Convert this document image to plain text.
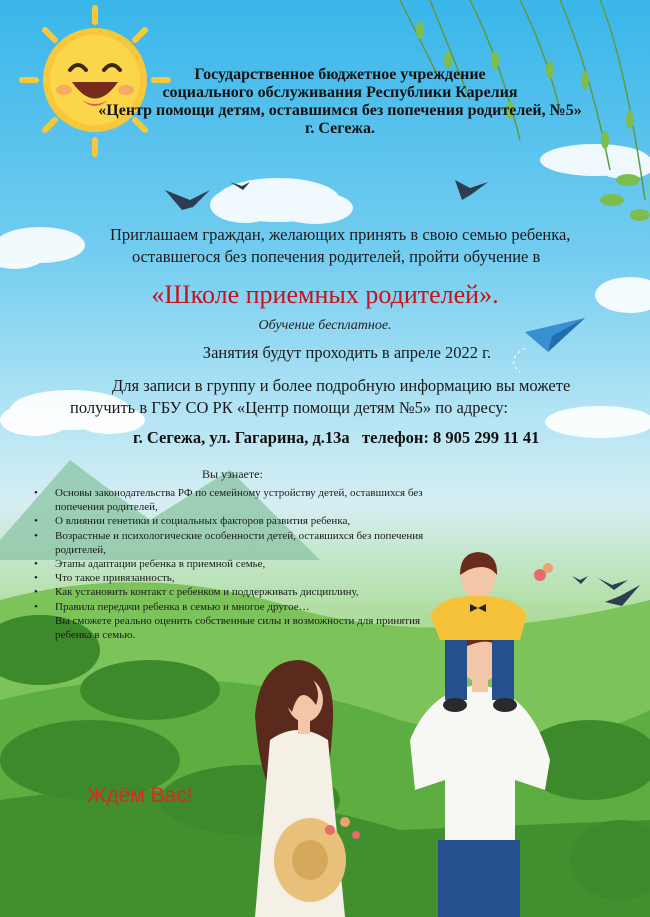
Государственное бюджетное учреждение
социального обслуживания Республики Карелия
«Центр помощи детям, оставшимся без попечения родителей, №5»
г. Сегежа.
Приглашаем граждан, желающих принять в свою семью ребенка,
оставшегося без попечения родителей, пройти обучение в
«Школе приемных родителей».
Обучение бесплатное.
Занятия будут проходить в апреле 2022 г.
Для записи в группу и более подробную информацию вы можете
получить в ГБУ СО РК «Центр помощи детям №5» по адресу:
г. Сегежа, ул. Гагарина, д.13а   телефон: 8 905 299 11 41
Вы узнаете:
• Основы законодательства РФ по семейному устройству детей, оставшихся без попечения родителей,
• О влиянии генетики и социальных факторов развития ребенка,
• Возрастные и психологические особенности детей, оставшихся без попечения родителей,
• Этапы адаптации ребенка в приемной семье,
• Что такое привязанность,
• Как установить контакт с ребенком и поддерживать дисциплину,
• Правила передачи ребенка в семью и многое другое…
Вы сможете реально оценить собственные силы и возможности для принятия ребенка в семью.
Ждём Вас!
